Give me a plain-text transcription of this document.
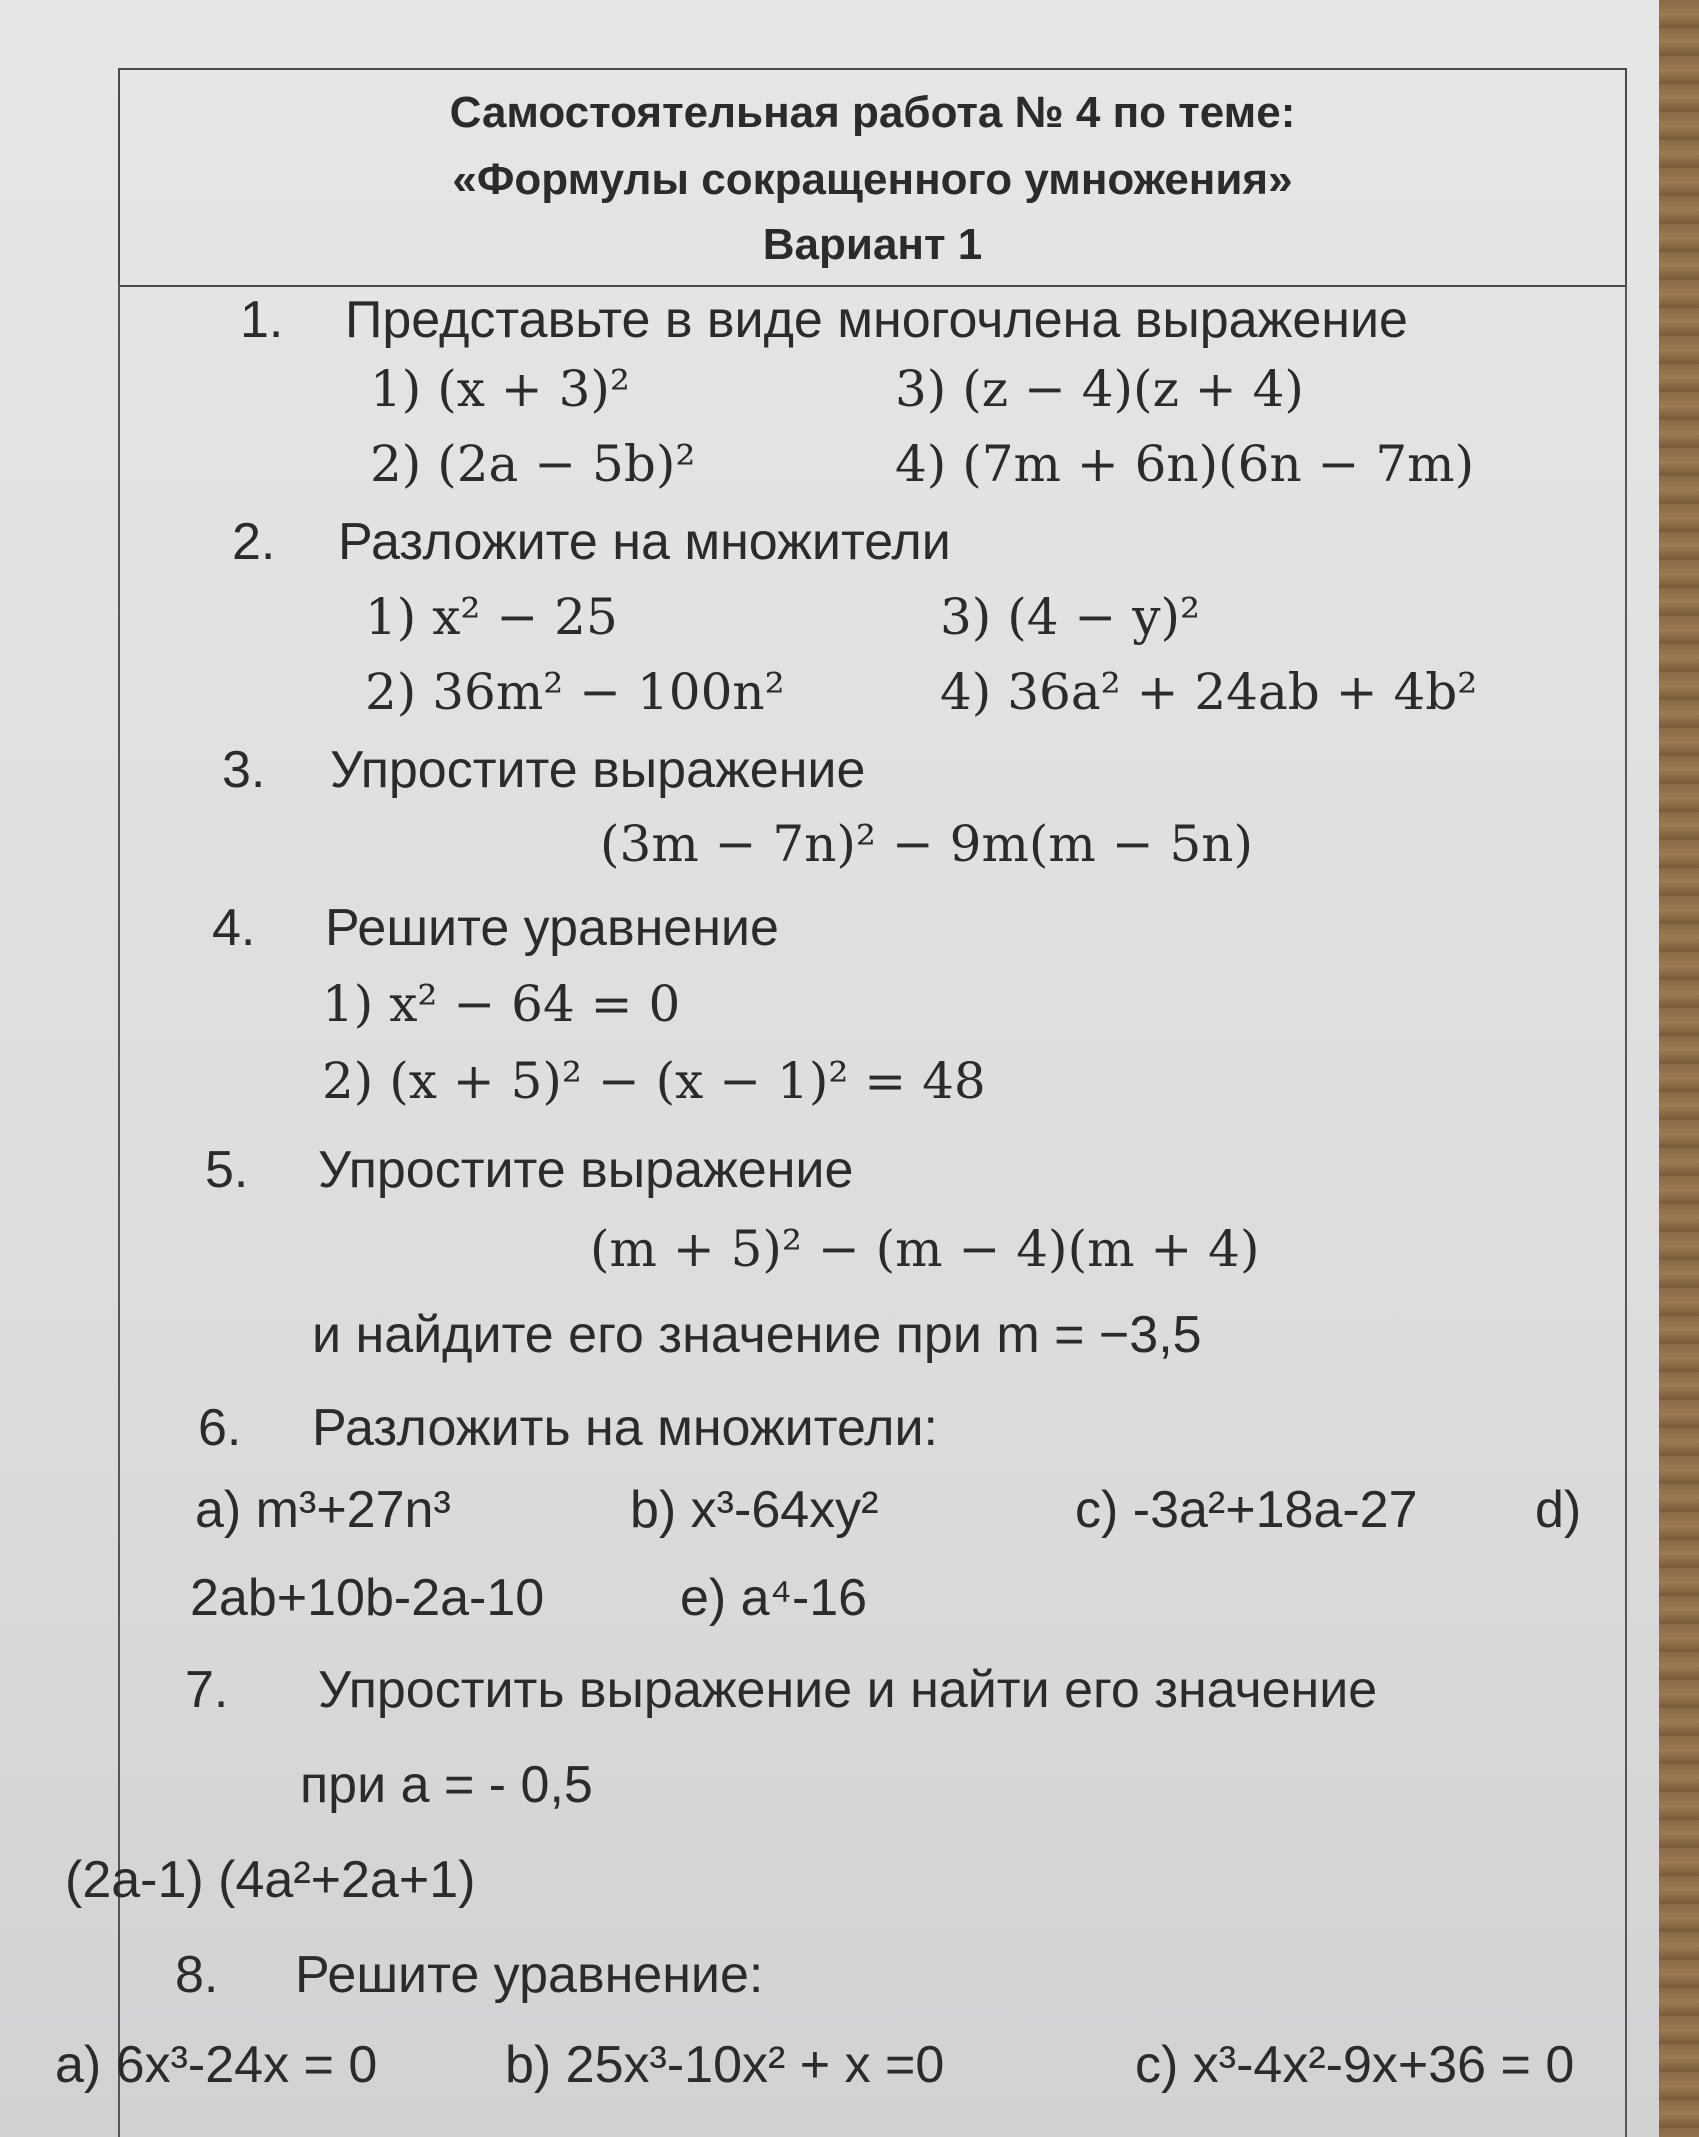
Самостоятельная работа № 4 по теме:
«Формулы сокращенного умножения»
Вариант 1
1. Представьте в виде многочлена выражение
1) (x + 3)²	3) (z − 4)(z + 4)
2) (2a − 5b)²	4) (7m + 6n)(6n − 7m)
2. Разложите на множители
1) x² − 25	3) (4 − y)²
2) 36m² − 100n²	4) 36a² + 24ab + 4b²
3. Упростите выражение
(3m − 7n)² − 9m(m − 5n)
4. Решите уравнение
1) x² − 64 = 0
2) (x + 5)² − (x − 1)² = 48
5. Упростите выражение
(m + 5)² − (m − 4)(m + 4)
и найдите его значение при m = −3,5
6. Разложить на множители:
a) m³+27n³	b) x³-64xy²	c) -3a²+18a-27 d)
2ab+10b-2a-10	e) a⁴-16
7. Упростить выражение и найти его значение
при а = - 0,5
(2a-1) (4a²+2a+1)
8. Решите уравнение:
a) 6x³-24x = 0 b) 25x³-10x² + x =0	c) x³-4x²-9x+36 = 0
